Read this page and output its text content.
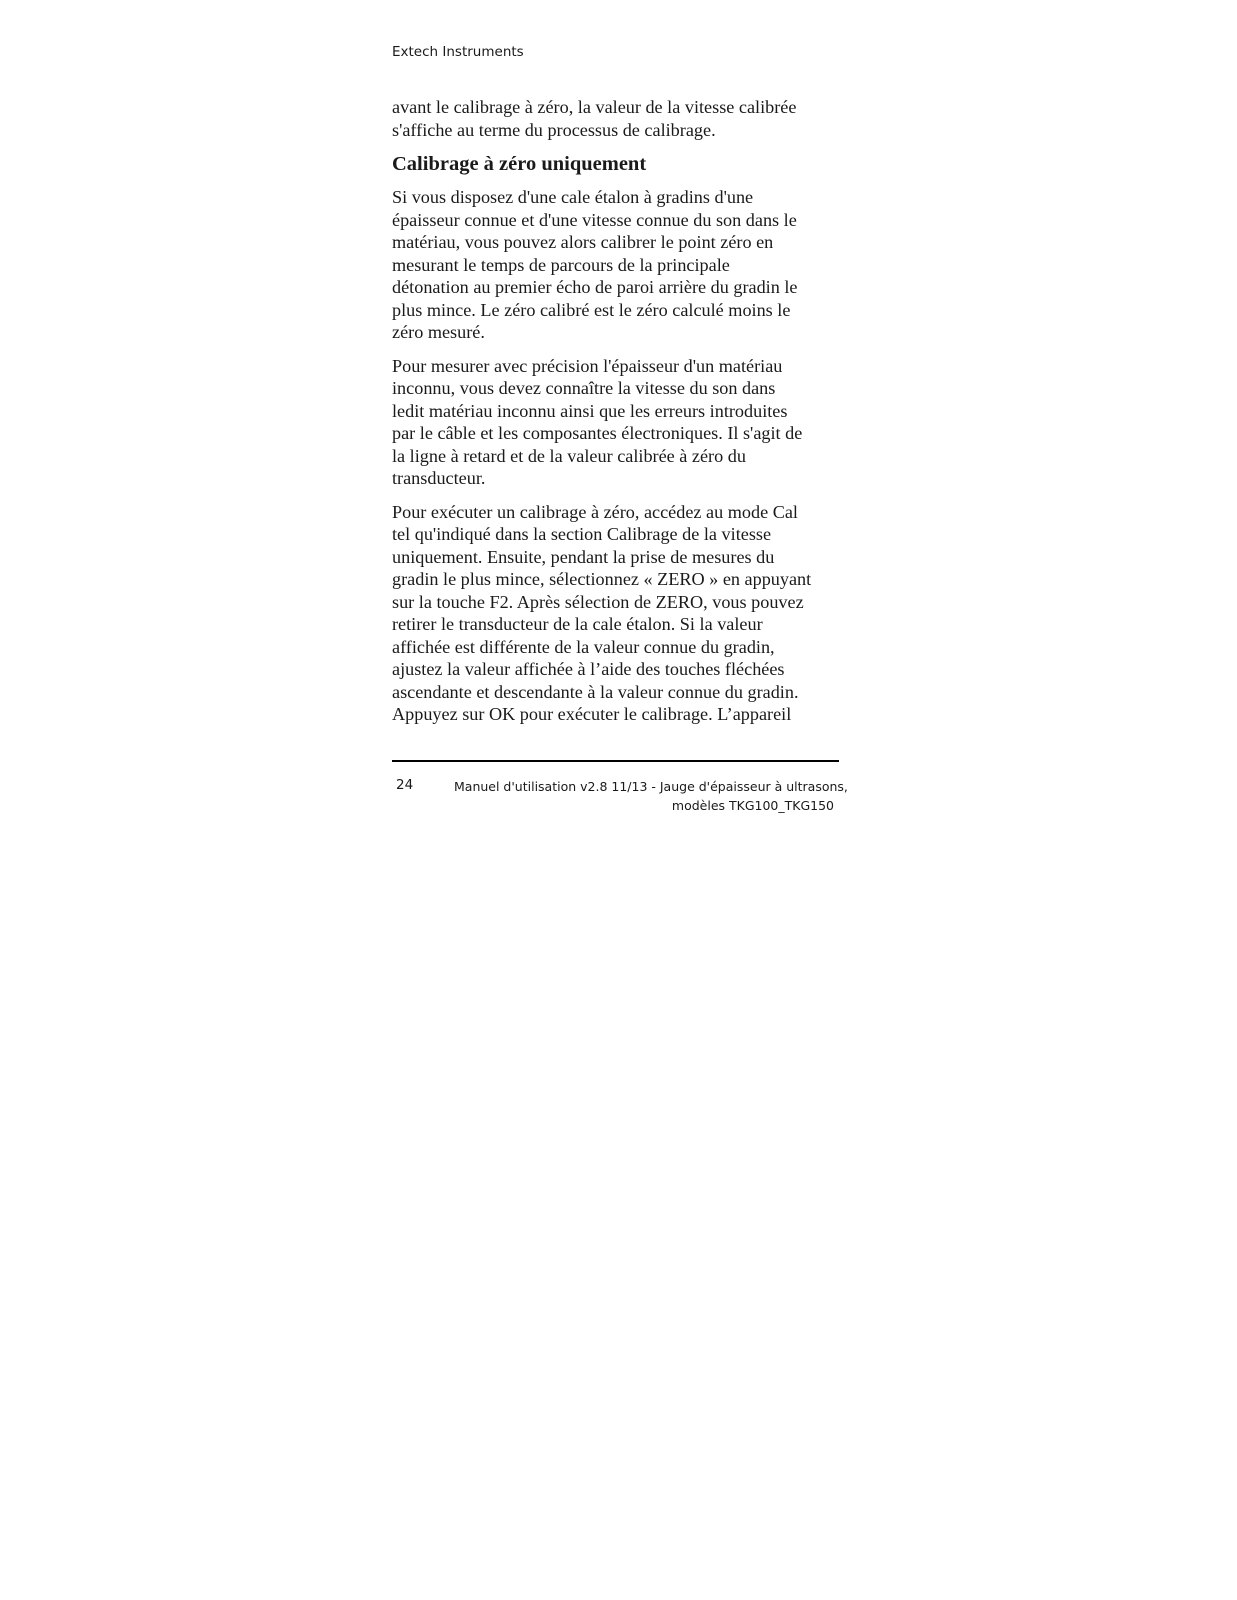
Extech Instruments

avant le calibrage à zéro, la valeur de la vitesse calibrée
s'affiche au terme du processus de calibrage.

Calibrage à zéro uniquement

Si vous disposez d'une cale étalon à gradins d'une
épaisseur connue et d'une vitesse connue du son dans le
matériau, vous pouvez alors calibrer le point zéro en
mesurant le temps de parcours de la principale
détonation au premier écho de paroi arrière du gradin le
plus mince. Le zéro calibré est le zéro calculé moins le
zéro mesuré.

Pour mesurer avec précision l'épaisseur d'un matériau
inconnu, vous devez connaître la vitesse du son dans
ledit matériau inconnu ainsi que les erreurs introduites
par le câble et les composantes électroniques. Il s'agit de
la ligne à retard et de la valeur calibrée à zéro du
transducteur.

Pour exécuter un calibrage à zéro, accédez au mode Cal
tel qu'indiqué dans la section Calibrage de la vitesse
uniquement. Ensuite, pendant la prise de mesures du
gradin le plus mince, sélectionnez « ZERO » en appuyant
sur la touche F2. Après sélection de ZERO, vous pouvez
retirer le transducteur de la cale étalon. Si la valeur
affichée est différente de la valeur connue du gradin,
ajustez la valeur affichée à l’aide des touches fléchées
ascendante et descendante à la valeur connue du gradin.
Appuyez sur OK pour exécuter le calibrage. L’appareil

24	Manuel d'utilisation v2.8 11/13 - Jauge d'épaisseur à ultrasons,
modèles TKG100_TKG150
